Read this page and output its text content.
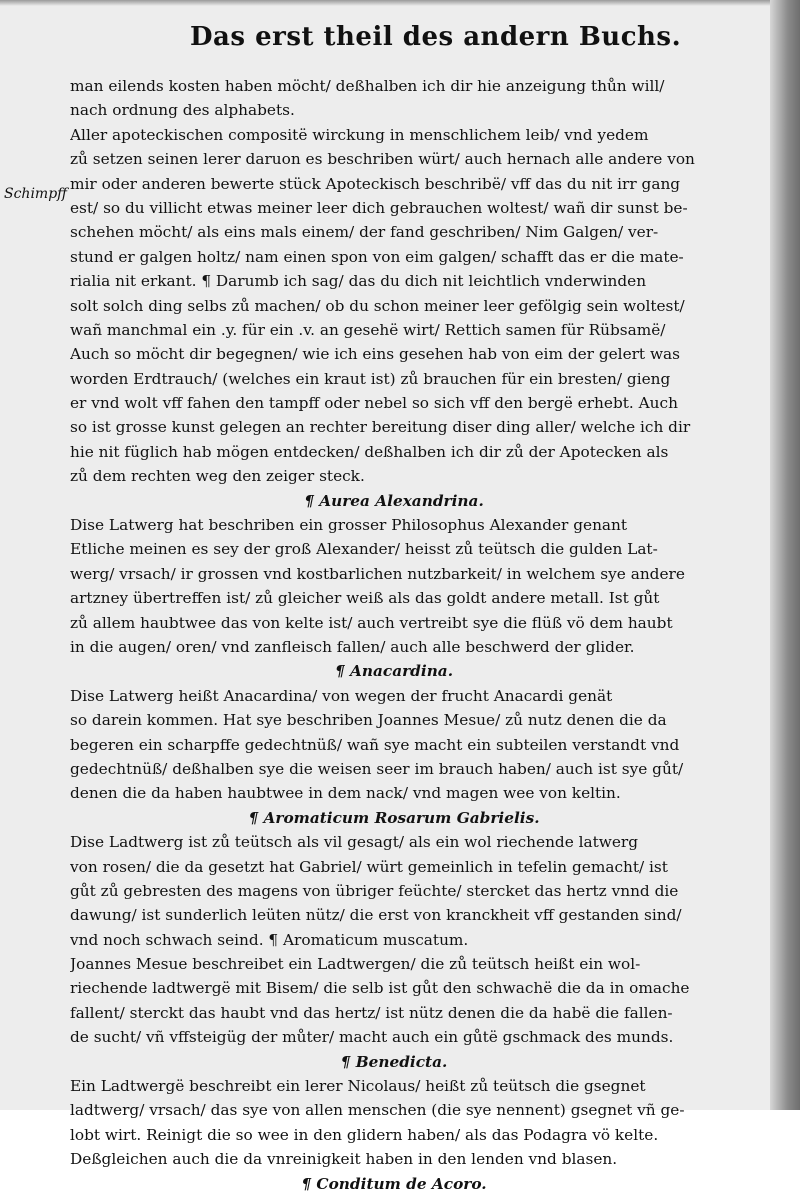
Das erst theil des andern Buchs.
Schimpff
man eilends kosten haben möcht/ deßhalben ich dir hie anzeigung thůn will/
nach ordnung des alphabets.
Aller apoteckischen compositë wirckung in menschlichem leib/ vnd yedem
zů setzen seinen lerer daruon es beschriben würt/ auch hernach alle andere von
mir oder anderen bewerte stück Apoteckisch beschribë/ vff das du nit irr gang
est/ so du villicht etwas meiner leer dich gebrauchen woltest/ wañ dir sunst be-
schehen möcht/ als eins mals einem/ der fand geschriben/ Nim Galgen/ ver-
stund er galgen holtz/ nam einen spon von eim galgen/ schafft das er die mate-
rialia nit erkant. ¶ Darumb ich sag/ das du dich nit leichtlich vnderwinden
solt solch ding selbs zů machen/ ob du schon meiner leer gefölgig sein woltest/
wañ manchmal ein .y. für ein .v. an gesehë wirt/ Rettich samen für Rübsamë/
Auch so möcht dir begegnen/ wie ich eins gesehen hab von eim der gelert was
worden Erdtrauch/ (welches ein kraut ist) zů brauchen für ein bresten/ gieng
er vnd wolt vff fahen den tampff oder nebel so sich vff den bergë erhebt. Auch
so ist grosse kunst gelegen an rechter bereitung diser ding aller/ welche ich dir
hie nit füglich hab mögen entdecken/ deßhalben ich dir zů der Apotecken als
zů dem rechten weg den zeiger steck.
¶ Aurea Alexandrina.
Dise Latwerg hat beschriben ein grosser Philosophus Alexander genant
Etliche meinen es sey der groß Alexander/ heisst zů teütsch die gulden Lat-
werg/ vrsach/ ir grossen vnd kostbarlichen nutzbarkeit/ in welchem sye andere
artzney übertreffen ist/ zů gleicher weiß als das goldt andere metall. Ist gůt
zů allem haubtwee das von kelte ist/ auch vertreibt sye die flüß vö dem haubt
in die augen/ oren/ vnd zanfleisch fallen/ auch alle beschwerd der glider.
¶ Anacardina.
Dise Latwerg heißt Anacardina/ von wegen der frucht Anacardi genät
so darein kommen. Hat sye beschriben Joannes Mesue/ zů nutz denen die da
begeren ein scharpffe gedechtnüß/ wañ sye macht ein subteilen verstandt vnd
gedechtnüß/ deßhalben sye die weisen seer im brauch haben/ auch ist sye gůt/
denen die da haben haubtwee in dem nack/ vnd magen wee von keltin.
¶ Aromaticum Rosarum Gabrielis.
Dise Ladtwerg ist zů teütsch als vil gesagt/ als ein wol riechende latwerg
von rosen/ die da gesetzt hat Gabriel/ würt gemeinlich in tefelin gemacht/ ist
gůt zů gebresten des magens von übriger feüchte/ stercket das hertz vnnd die
dawung/ ist sunderlich leüten nütz/ die erst von kranckheit vff gestanden sind/
vnd noch schwach seind. ¶ Aromaticum muscatum.
Joannes Mesue beschreibet ein Ladtwergen/ die zů teütsch heißt ein wol-
riechende ladtwergë mit Bisem/ die selb ist gůt den schwachë die da in omache
fallent/ sterckt das haubt vnd das hertz/ ist nütz denen die da habë die fallen-
de sucht/ vñ vffsteigüg der můter/ macht auch ein gůtë gschmack des munds.
¶ Benedicta.
Ein Ladtwergë beschreibt ein lerer Nicolaus/ heißt zů teütsch die gsegnet
ladtwerg/ vrsach/ das sye von allen menschen (die sye nennent) gsegnet vñ ge-
lobt wirt. Reinigt die so wee in den glidern haben/ als das Podagra vö kelte.
Deßgleichen auch die da vnreinigkeit haben in den lenden vnd blasen.
¶ Conditum de Acoro.
